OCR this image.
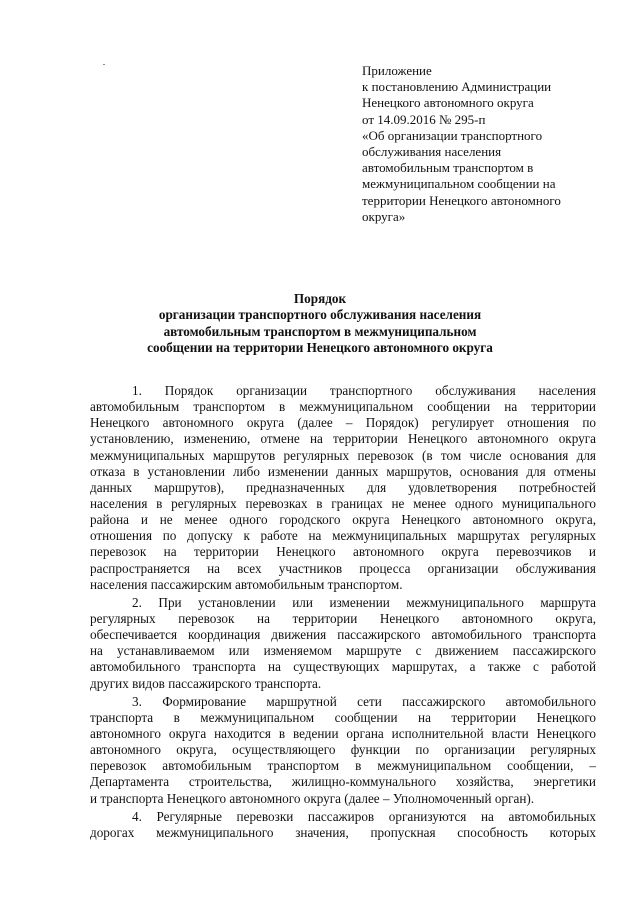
Приложение
к постановлению Администрации
Ненецкого автономного округа
от 14.09.2016 № 295-п
«Об организации транспортного
обслуживания населения
автомобильным транспортом в
межмуниципальном сообщении на
территории Ненецкого автономного
округа»
Порядок
организации транспортного обслуживания населения
автомобильным транспортом в межмуниципальном
сообщении на территории Ненецкого автономного округа
1. Порядок организации транспортного обслуживания населения
автомобильным транспортом в межмуниципальном сообщении на территории
Ненецкого автономного округа (далее – Порядок) регулирует отношения по
установлению, изменению, отмене на территории Ненецкого автономного округа
межмуниципальных маршрутов регулярных перевозок (в том числе основания для
отказа в установлении либо изменении данных маршрутов, основания для отмены
данных маршрутов), предназначенных для удовлетворения потребностей
населения в регулярных перевозках в границах не менее одного муниципального
района и не менее одного городского округа Ненецкого автономного округа,
отношения по допуску к работе на межмуниципальных маршрутах регулярных
перевозок на территории Ненецкого автономного округа перевозчиков и
распространяется на всех участников процесса организации обслуживания
населения пассажирским автомобильным транспортом.
2. При установлении или изменении межмуниципального маршрута
регулярных перевозок на территории Ненецкого автономного округа,
обеспечивается координация движения пассажирского автомобильного транспорта
на устанавливаемом или изменяемом маршруте с движением пассажирского
автомобильного транспорта на существующих маршрутах, а также с работой
других видов пассажирского транспорта.
3. Формирование маршрутной сети пассажирского автомобильного
транспорта в межмуниципальном сообщении на территории Ненецкого
автономного округа находится в ведении органа исполнительной власти Ненецкого
автономного округа, осуществляющего функции по организации регулярных
перевозок автомобильным транспортом в межмуниципальном сообщении, –
Департамента строительства, жилищно-коммунального хозяйства, энергетики
и транспорта Ненецкого автономного округа (далее – Уполномоченный орган).
4. Регулярные перевозки пассажиров организуются на автомобильных
дорогах межмуниципального значения, пропускная способность которых
